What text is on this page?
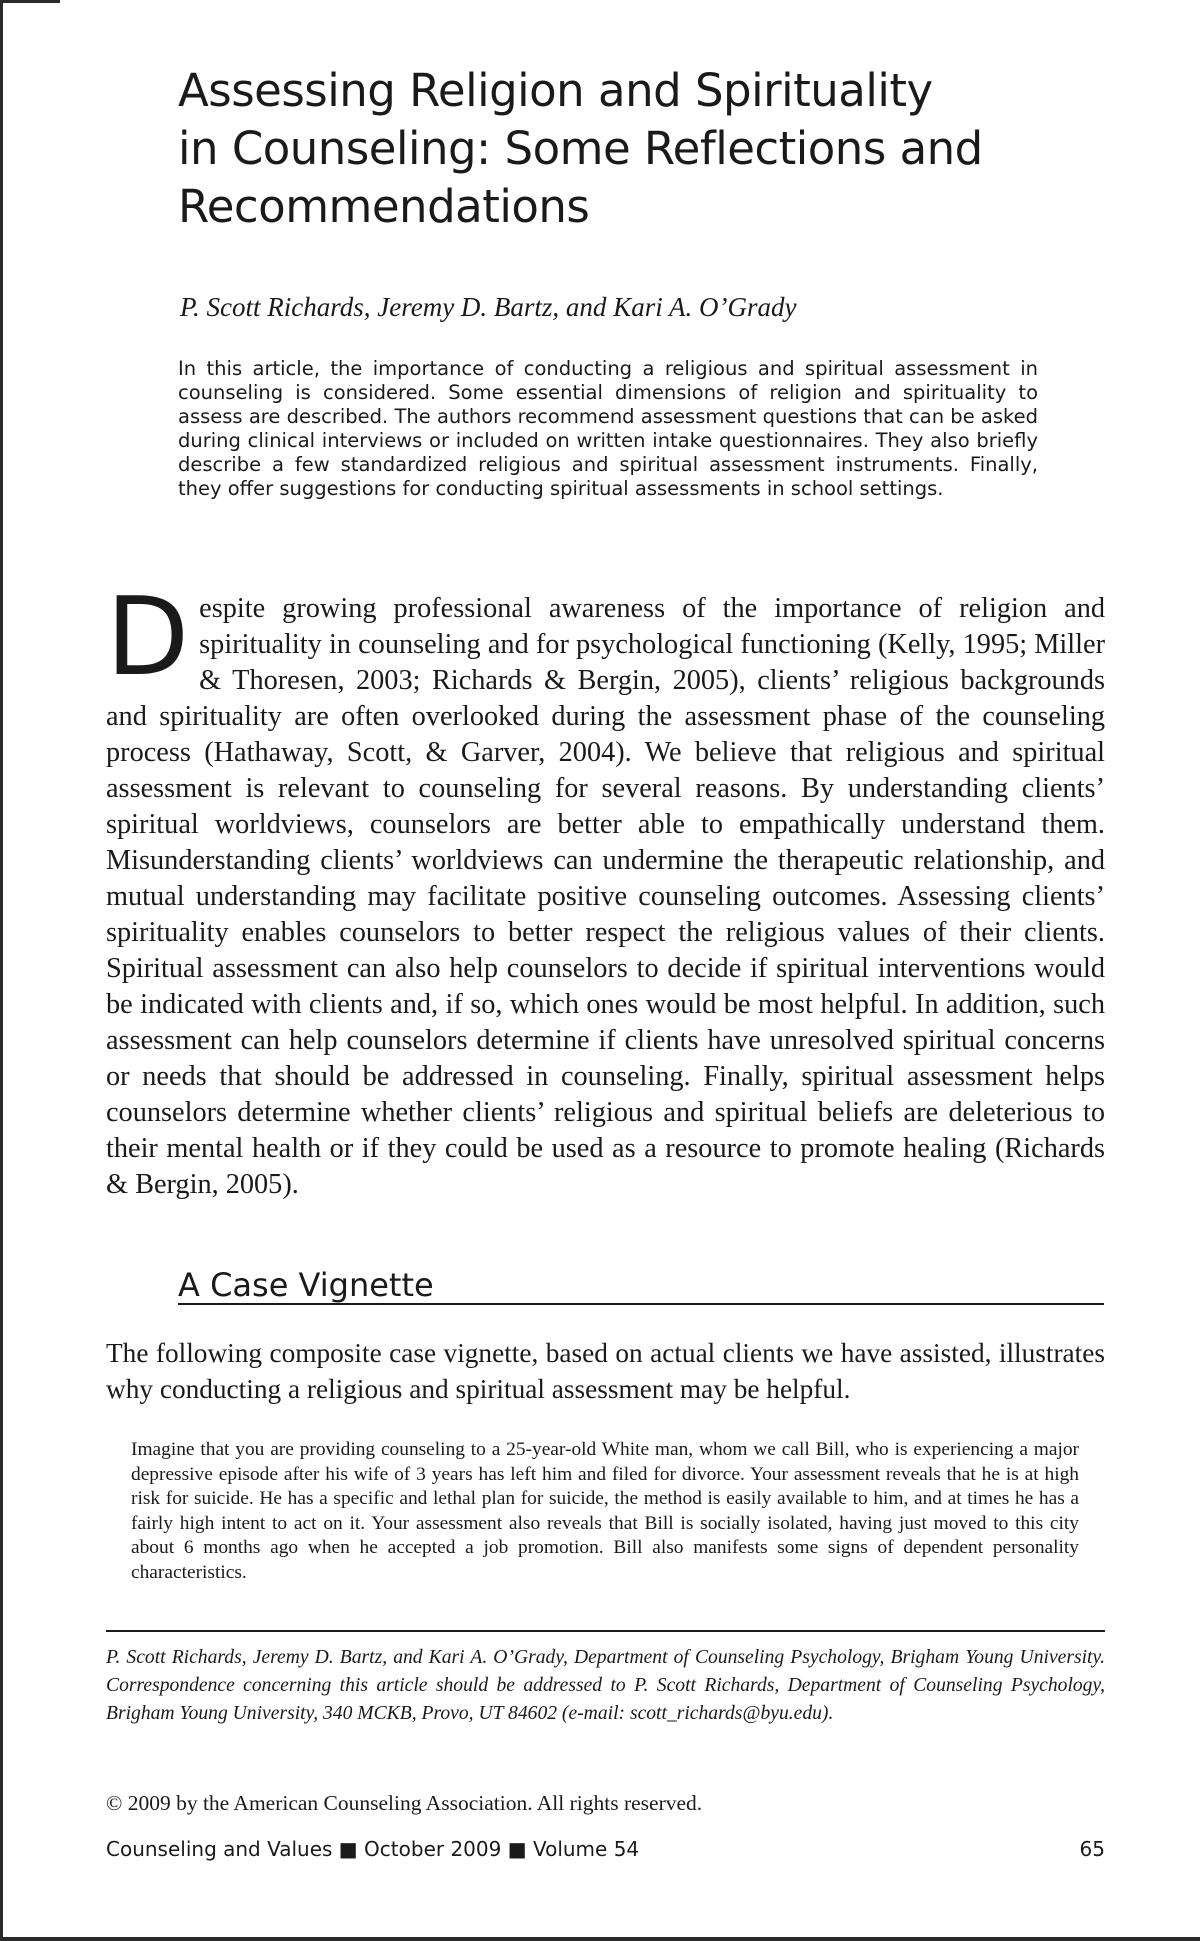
Assessing Religion and Spirituality
in Counseling: Some Reflections and
Recommendations

P. Scott Richards, Jeremy D. Bartz, and Kari A. O’Grady

In this article, the importance of conducting a religious and spiritual assessment in counseling is considered. Some essential dimensions of religion and spirituality to assess are described. The authors recommend assessment questions that can be asked during clinical interviews or included on written intake questionnaires. They also briefly describe a few standardized religious and spiritual assessment instruments. Finally, they offer suggestions for conducting spiritual assessments in school settings.

Despite growing professional awareness of the importance of religion and spirituality in counseling and for psychological functioning (Kelly, 1995; Miller & Thoresen, 2003; Richards & Bergin, 2005), clients’ religious backgrounds and spirituality are often overlooked during the assessment phase of the counseling process (Hathaway, Scott, & Garver, 2004). We believe that religious and spiritual assessment is relevant to counseling for several reasons. By understanding clients’ spiritual worldviews, counselors are better able to empathically understand them. Misunderstanding clients’ worldviews can undermine the therapeutic relationship, and mutual understanding may facilitate positive counseling outcomes. Assessing clients’ spirituality enables counselors to better respect the religious values of their clients. Spiritual assessment can also help counselors to decide if spiritual interventions would be indicated with clients and, if so, which ones would be most helpful. In addition, such assessment can help counselors determine if clients have unresolved spiritual concerns or needs that should be addressed in counseling. Finally, spiritual assessment helps counselors determine whether clients’ religious and spiritual beliefs are deleterious to their mental health or if they could be used as a resource to promote healing (Richards & Bergin, 2005).

A Case Vignette

The following composite case vignette, based on actual clients we have assisted, illustrates why conducting a religious and spiritual assessment may be helpful.

Imagine that you are providing counseling to a 25-year-old White man, whom we call Bill, who is experiencing a major depressive episode after his wife of 3 years has left him and filed for divorce. Your assessment reveals that he is at high risk for suicide. He has a specific and lethal plan for suicide, the method is easily available to him, and at times he has a fairly high intent to act on it. Your assessment also reveals that Bill is socially isolated, having just moved to this city about 6 months ago when he accepted a job promotion. Bill also manifests some signs of dependent personality characteristics.

P. Scott Richards, Jeremy D. Bartz, and Kari A. O’Grady, Department of Counseling Psychology, Brigham Young University. Correspondence concerning this article should be addressed to P. Scott Richards, Department of Counseling Psychology, Brigham Young University, 340 MCKB, Provo, UT 84602 (e-mail: scott_richards@byu.edu).

© 2009 by the American Counseling Association. All rights reserved.

Counseling and Values ■ October 2009 ■ Volume 54	65
